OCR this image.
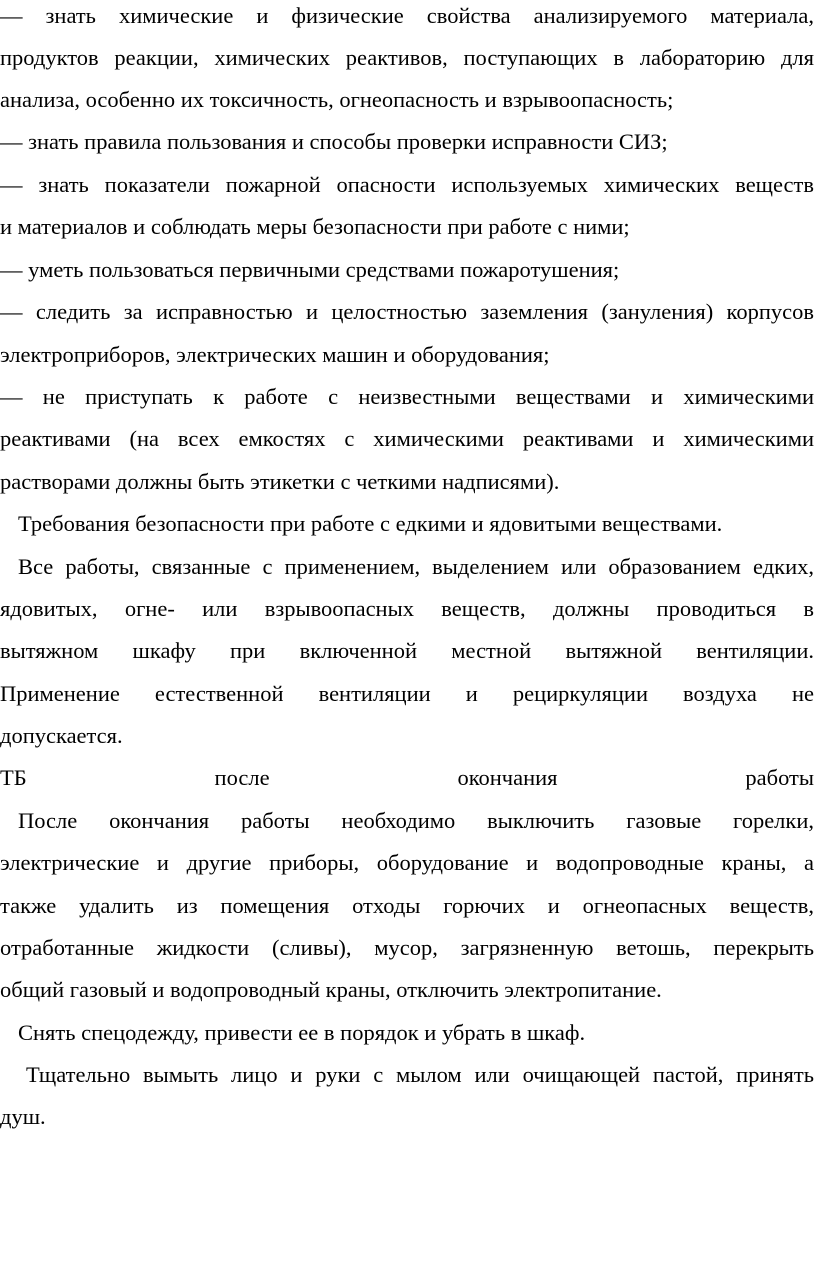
— знать химические и физические свойства анализируемого материала,
продуктов реакции, химических реактивов, поступающих в лабораторию для
анализа, особенно их токсичность, огнеопасность и взрывоопасность;
— знать правила пользования и способы проверки исправности СИЗ;
— знать показатели пожарной опасности используемых химических веществ
и материалов и соблюдать меры безопасности при работе с ними;
— уметь пользоваться первичными средствами пожаротушения;
— следить за исправностью и целостностью заземления (зануления) корпусов
электроприборов, электрических машин и оборудования;
— не приступать к работе с неизвестными веществами и химическими
реактивами (на всех емкостях с химическими реактивами и химическими
растворами должны быть этикетки с четкими надписями).
Требования безопасности при работе с едкими и ядовитыми веществами.
Все работы, связанные с применением, выделением или образованием едких,
ядовитых, огне- или взрывоопасных веществ, должны проводиться в
вытяжном шкафу при включенной местной вытяжной вентиляции.
Применение естественной вентиляции и рециркуляции воздуха не
допускается.
ТБ после окончания работы
После окончания работы необходимо выключить газовые горелки,
электрические и другие приборы, оборудование и водопроводные краны, а
также удалить из помещения отходы горючих и огнеопасных веществ,
отработанные жидкости (сливы), мусор, загрязненную ветошь, перекрыть
общий газовый и водопроводный краны, отключить электропитание.
Снять спецодежду, привести ее в порядок и убрать в шкаф.
Тщательно вымыть лицо и руки с мылом или очищающей пастой, принять
душ.
